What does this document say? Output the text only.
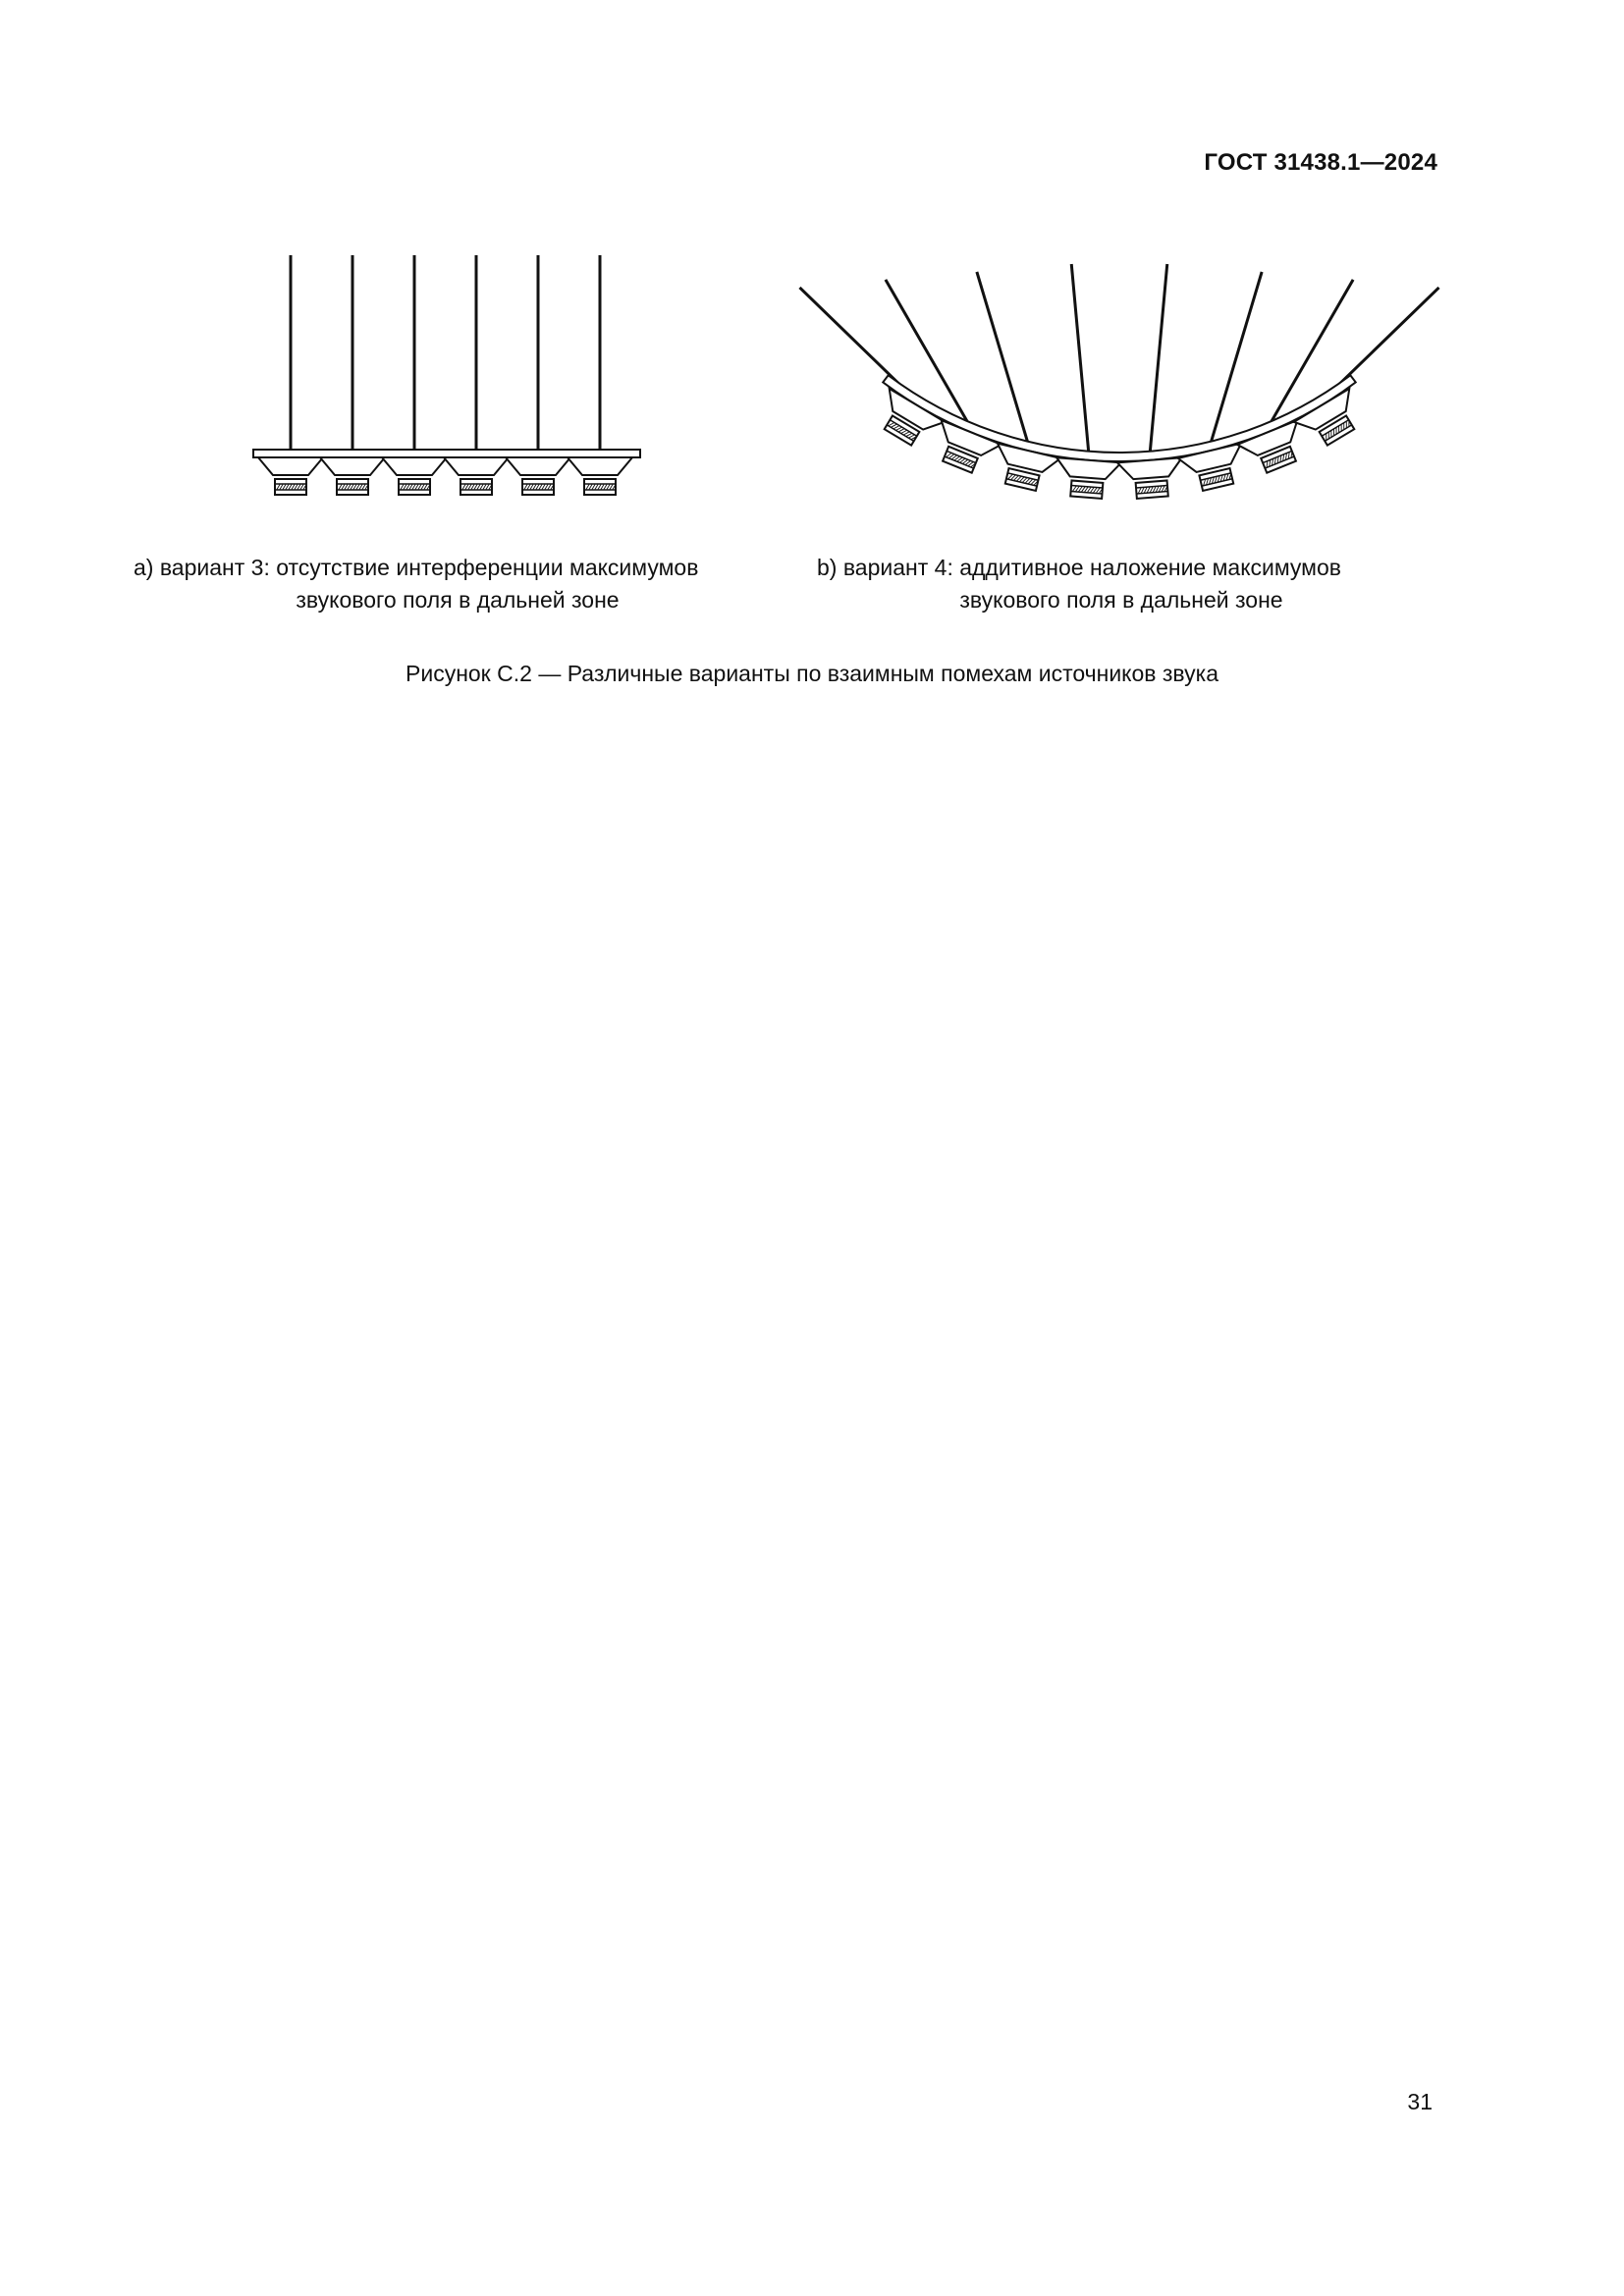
ГОСТ 31438.1—2024
а) вариант 3: отсутствие интерференции максимумов
звукового поля в дальней зоне
b) вариант 4: аддитивное наложение максимумов
звукового поля в дальней зоне
Рисунок С.2 — Различные варианты по взаимным помехам источников звука
31
